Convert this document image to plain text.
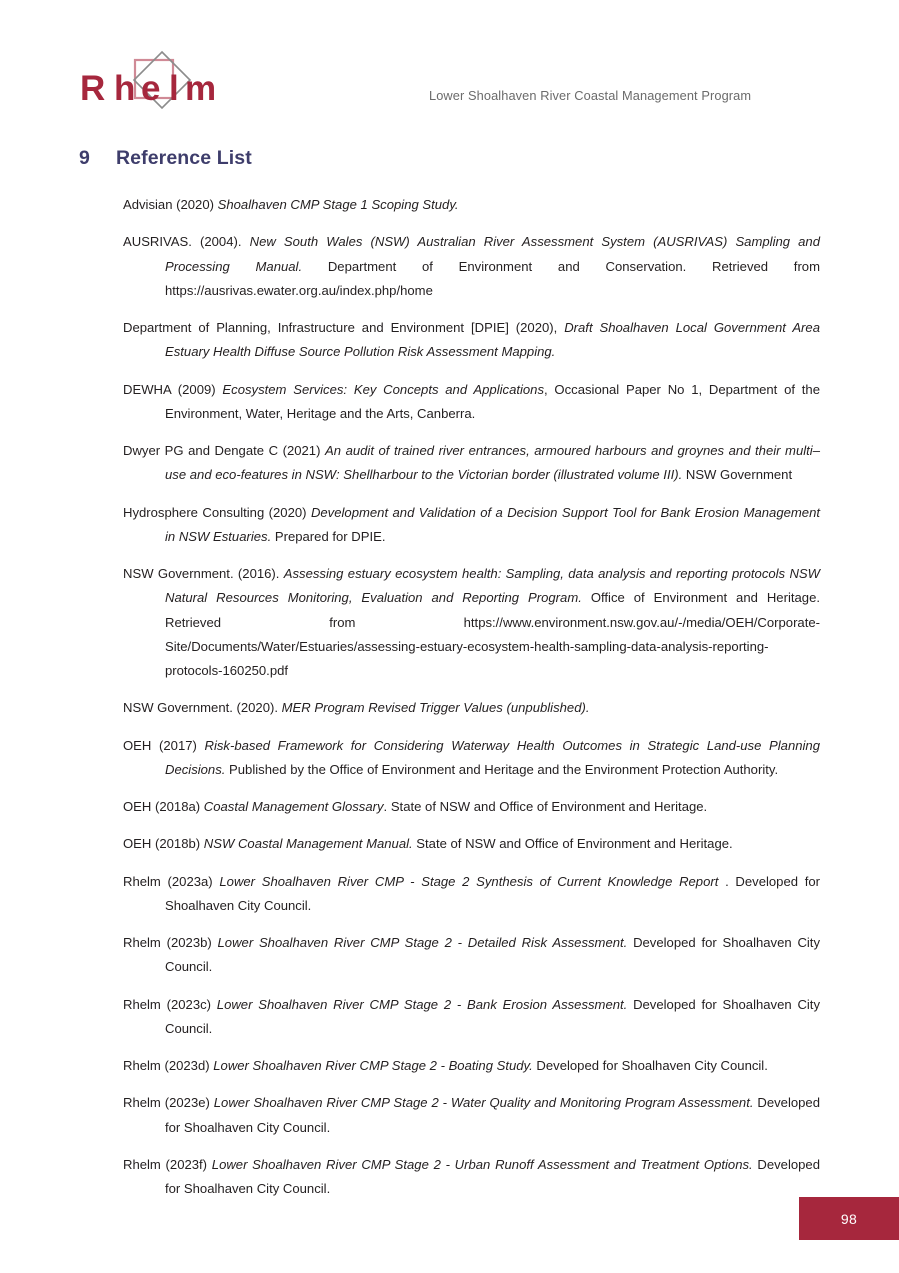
R h e l m	Lower Shoalhaven River Coastal Management Program
9 Reference List

Advisian (2020) Shoalhaven CMP Stage 1 Scoping Study.

AUSRIVAS. (2004). New South Wales (NSW) Australian River Assessment System (AUSRIVAS) Sampling and Processing Manual. Department of Environment and Conservation. Retrieved from https://ausrivas.ewater.org.au/index.php/home

Department of Planning, Infrastructure and Environment [DPIE] (2020), Draft Shoalhaven Local Government Area Estuary Health Diffuse Source Pollution Risk Assessment Mapping.

DEWHA (2009) Ecosystem Services: Key Concepts and Applications, Occasional Paper No 1, Department of the Environment, Water, Heritage and the Arts, Canberra.

Dwyer PG and Dengate C (2021) An audit of trained river entrances, armoured harbours and groynes and their multi–use and eco-features in NSW: Shellharbour to the Victorian border (illustrated volume III). NSW Government

Hydrosphere Consulting (2020) Development and Validation of a Decision Support Tool for Bank Erosion Management in NSW Estuaries. Prepared for DPIE.

NSW Government. (2016). Assessing estuary ecosystem health: Sampling, data analysis and reporting protocols NSW Natural Resources Monitoring, Evaluation and Reporting Program. Office of Environment and Heritage. Retrieved from https://www.environment.nsw.gov.au/-/media/OEH/Corporate-Site/Documents/Water/Estuaries/assessing-estuary-ecosystem-health-sampling-data-analysis-reporting-protocols-160250.pdf

NSW Government. (2020). MER Program Revised Trigger Values (unpublished).

OEH (2017) Risk-based Framework for Considering Waterway Health Outcomes in Strategic Land-use Planning Decisions. Published by the Office of Environment and Heritage and the Environment Protection Authority.

OEH (2018a) Coastal Management Glossary. State of NSW and Office of Environment and Heritage.

OEH (2018b) NSW Coastal Management Manual. State of NSW and Office of Environment and Heritage.

Rhelm (2023a) Lower Shoalhaven River CMP - Stage 2 Synthesis of Current Knowledge Report . Developed for Shoalhaven City Council.

Rhelm (2023b) Lower Shoalhaven River CMP Stage 2 - Detailed Risk Assessment. Developed for Shoalhaven City Council.

Rhelm (2023c) Lower Shoalhaven River CMP Stage 2 - Bank Erosion Assessment. Developed for Shoalhaven City Council.

Rhelm (2023d) Lower Shoalhaven River CMP Stage 2 - Boating Study. Developed for Shoalhaven City Council.

Rhelm (2023e) Lower Shoalhaven River CMP Stage 2 - Water Quality and Monitoring Program Assessment. Developed for Shoalhaven City Council.

Rhelm (2023f) Lower Shoalhaven River CMP Stage 2 - Urban Runoff Assessment and Treatment Options. Developed for Shoalhaven City Council.

98
